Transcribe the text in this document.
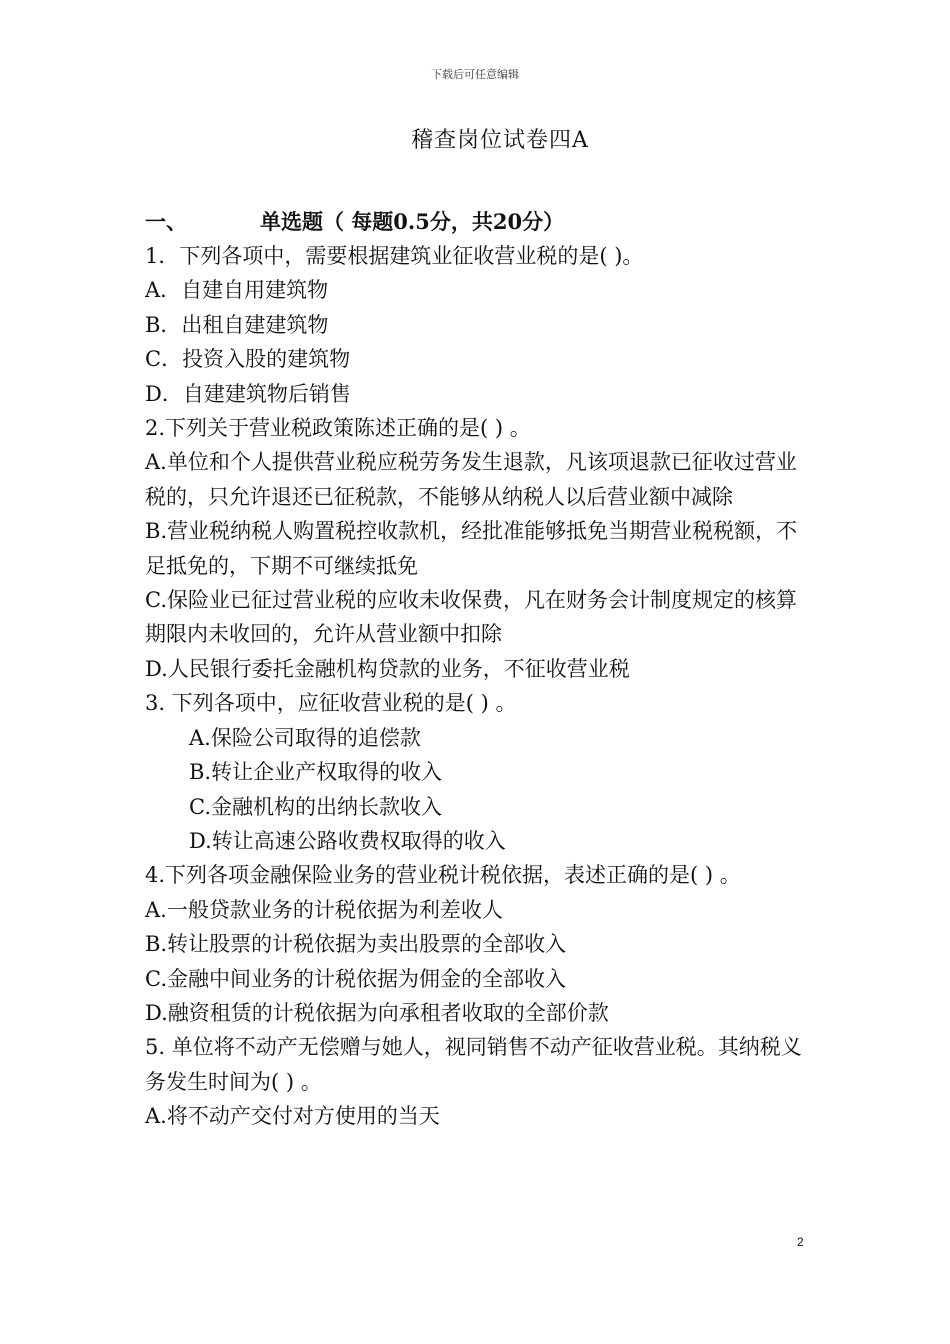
下载后可任意编辑
稽查岗位试卷四A
一、	单选题（ 每题0.5分，共20分）
1．下列各项中，需要根据建筑业征收营业税的是( )。
A．自建自用建筑物
B．出租自建建筑物
C．投资入股的建筑物
D．自建建筑物后销售
2.下列关于营业税政策陈述正确的是( ) 。
A.单位和个人提供营业税应税劳务发生退款，凡该项退款已征收过营业税的，只允许退还已征税款，不能够从纳税人以后营业额中减除
B.营业税纳税人购置税控收款机，经批准能够抵免当期营业税税额，不足抵免的，下期不可继续抵免
C.保险业已征过营业税的应收未收保费，凡在财务会计制度规定的核算期限内未收回的，允许从营业额中扣除
D.人民银行委托金融机构贷款的业务，不征收营业税
3. 下列各项中，应征收营业税的是( ) 。
A.保险公司取得的追偿款
B.转让企业产权取得的收入
C.金融机构的出纳长款收入
D.转让高速公路收费权取得的收入
4.下列各项金融保险业务的营业税计税依据，表述正确的是( ) 。
A.一般贷款业务的计税依据为利差收人
B.转让股票的计税依据为卖出股票的全部收入
C.金融中间业务的计税依据为佣金的全部收入
D.融资租赁的计税依据为向承租者收取的全部价款
5. 单位将不动产无偿赠与她人，视同销售不动产征收营业税。其纳税义务发生时间为( ) 。
A.将不动产交付对方使用的当天
2
